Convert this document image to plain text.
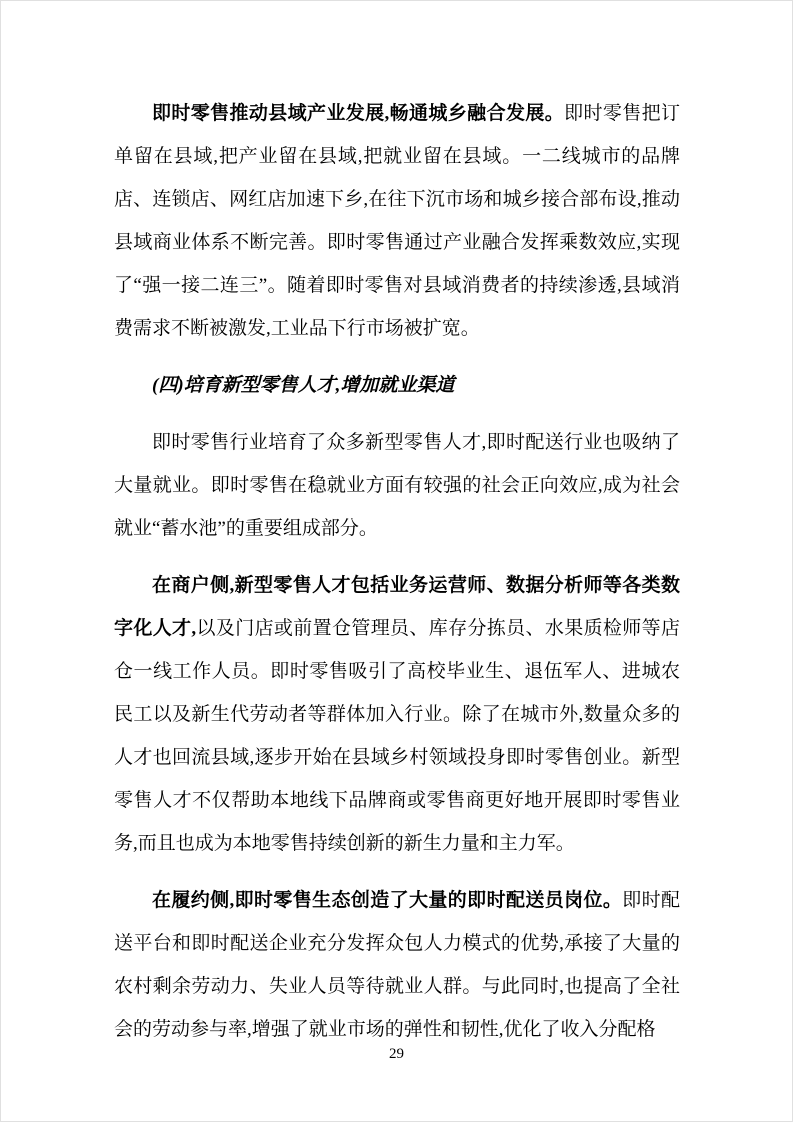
即时零售推动县域产业发展,畅通城乡融合发展。即时零售把订单留在县域,把产业留在县域,把就业留在县域。一二线城市的品牌店、连锁店、网红店加速下乡,在往下沉市场和城乡接合部布设,推动县域商业体系不断完善。即时零售通过产业融合发挥乘数效应,实现了“强一接二连三”。随着即时零售对县域消费者的持续渗透,县域消费需求不断被激发,工业品下行市场被扩宽。

(四)培育新型零售人才,增加就业渠道

即时零售行业培育了众多新型零售人才,即时配送行业也吸纳了大量就业。即时零售在稳就业方面有较强的社会正向效应,成为社会就业“蓄水池”的重要组成部分。

在商户侧,新型零售人才包括业务运营师、数据分析师等各类数字化人才,以及门店或前置仓管理员、库存分拣员、水果质检师等店仓一线工作人员。即时零售吸引了高校毕业生、退伍军人、进城农民工以及新生代劳动者等群体加入行业。除了在城市外,数量众多的人才也回流县域,逐步开始在县域乡村领域投身即时零售创业。新型零售人才不仅帮助本地线下品牌商或零售商更好地开展即时零售业务,而且也成为本地零售持续创新的新生力量和主力军。

在履约侧,即时零售生态创造了大量的即时配送员岗位。即时配送平台和即时配送企业充分发挥众包人力模式的优势,承接了大量的农村剩余劳动力、失业人员等待就业人群。与此同时,也提高了全社会的劳动参与率,增强了就业市场的弹性和韧性,优化了收入分配格

29
